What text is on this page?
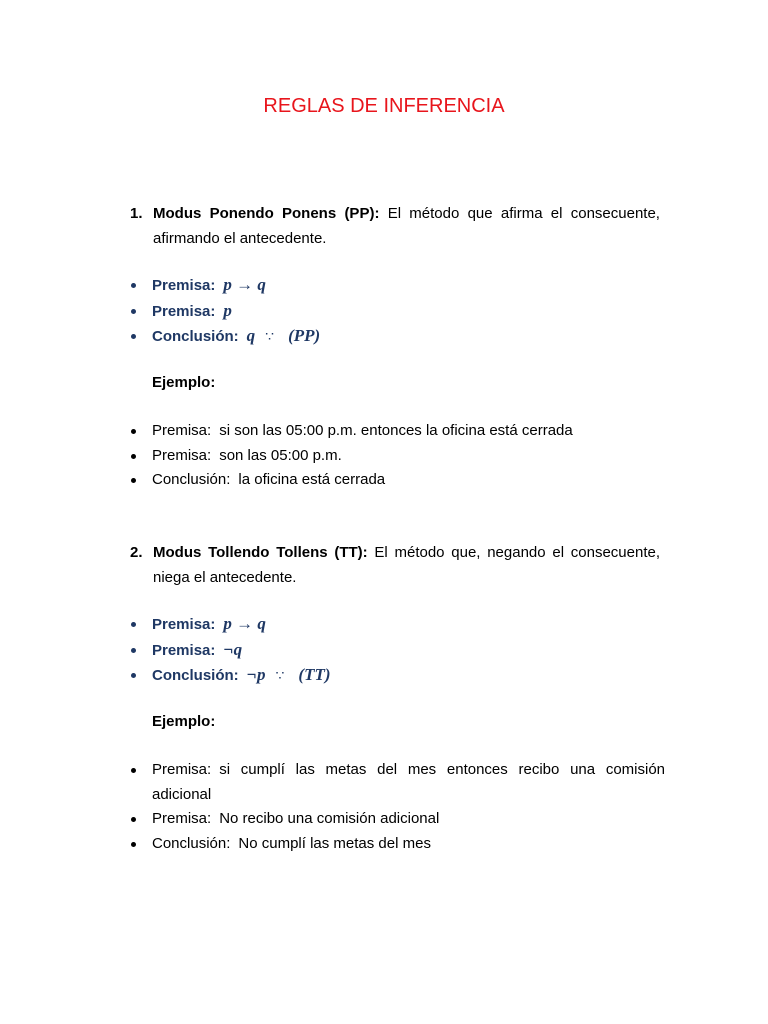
REGLAS DE INFERENCIA
1. Modus Ponendo Ponens (PP): El método que afirma el consecuente, afirmando el antecedente.
Premisa: p → q
Premisa: p
Conclusión: q ∵ (PP)
Ejemplo:
Premisa: si son las 05:00 p.m. entonces la oficina está cerrada
Premisa: son las 05:00 p.m.
Conclusión: la oficina está cerrada
2. Modus Tollendo Tollens (TT): El método que, negando el consecuente, niega el antecedente.
Premisa: p → q
Premisa: ¬q
Conclusión: ¬p ∵ (TT)
Ejemplo:
Premisa: si cumplí las metas del mes entonces recibo una comisión adicional
Premisa: No recibo una comisión adicional
Conclusión: No cumplí las metas del mes
